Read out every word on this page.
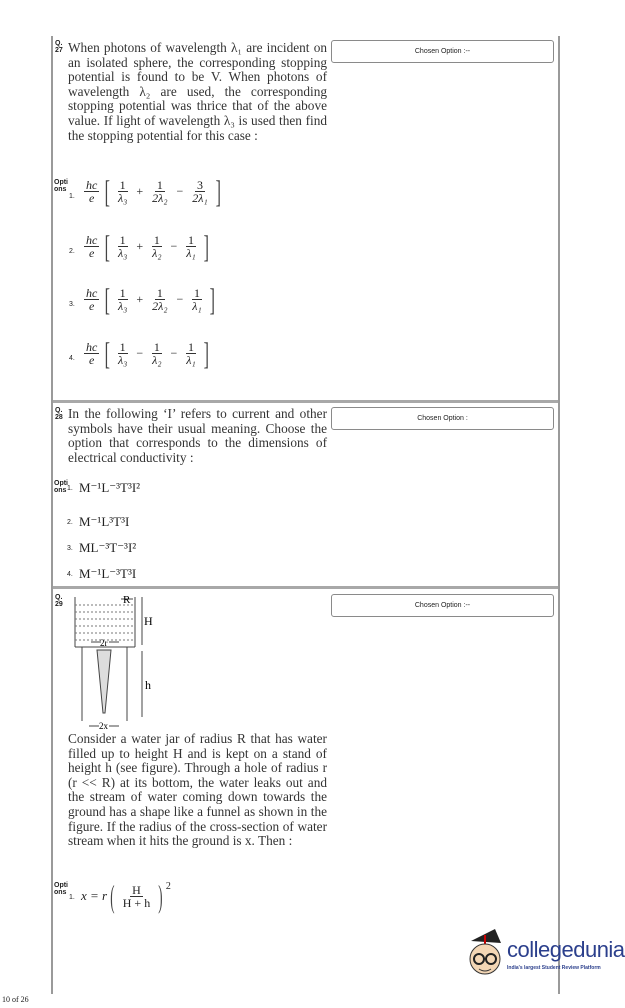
Q. 27 When photons of wavelength λ₁ are incident on an isolated sphere, the corresponding stopping potential is found to be V. When photons of wavelength λ₂ are used, the corresponding stopping potential was thrice that of the above value. If light of wavelength λ₃ is used then find the stopping potential for this case :
Chosen Option :--
Options
1. $\frac{hc}{e}$ [ $\frac{1}{\text{λ₃}} + \frac{1}{\text{2λ₂}} - \frac{3}{\text{2λ₁}}$ ]
2. $\frac{hc}{e}$ [ $\frac{1}{\text{λ₃}} + \frac{1}{\text{λ₂}} - \frac{1}{\text{λ₁}}$ ]
3. $\frac{hc}{e}$ [ $\frac{1}{\text{λ₃}} + \frac{1}{\text{2λ₂}} - \frac{1}{\text{λ₁}}$ ]
4. $\frac{hc}{e}$ [ $\frac{1}{\text{λ₃}} - \frac{1}{\text{λ₂}} - \frac{1}{\text{λ₁}}$ ]
Q. 28 In the following ‘I’ refers to current and other symbols have their usual meaning. Choose the option that corresponds to the dimensions of electrical conductivity :
Chosen Option :
Options 1. M⁻¹L⁻³T³I²
2. M⁻¹L³T³I
3. ML⁻³T⁻³I²
4. M⁻¹L⁻³T³I
Q. 29	Chosen Option :--
R
H
2r
h
2x
Consider a water jar of radius R that has water filled up to height H and is kept on a stand of height h (see figure). Through a hole of radius r (r << R) at its bottom, the water leaks out and the stream of water coming down towards the ground has a shape like a funnel as shown in the figure. If the radius of the cross-section of water stream when it hits the ground is x. Then :
Options
1. x = r ( $\frac{H}{H + h}$ ) $^2$
10 of 26
collegedunia
India's largest Student Review Platform
